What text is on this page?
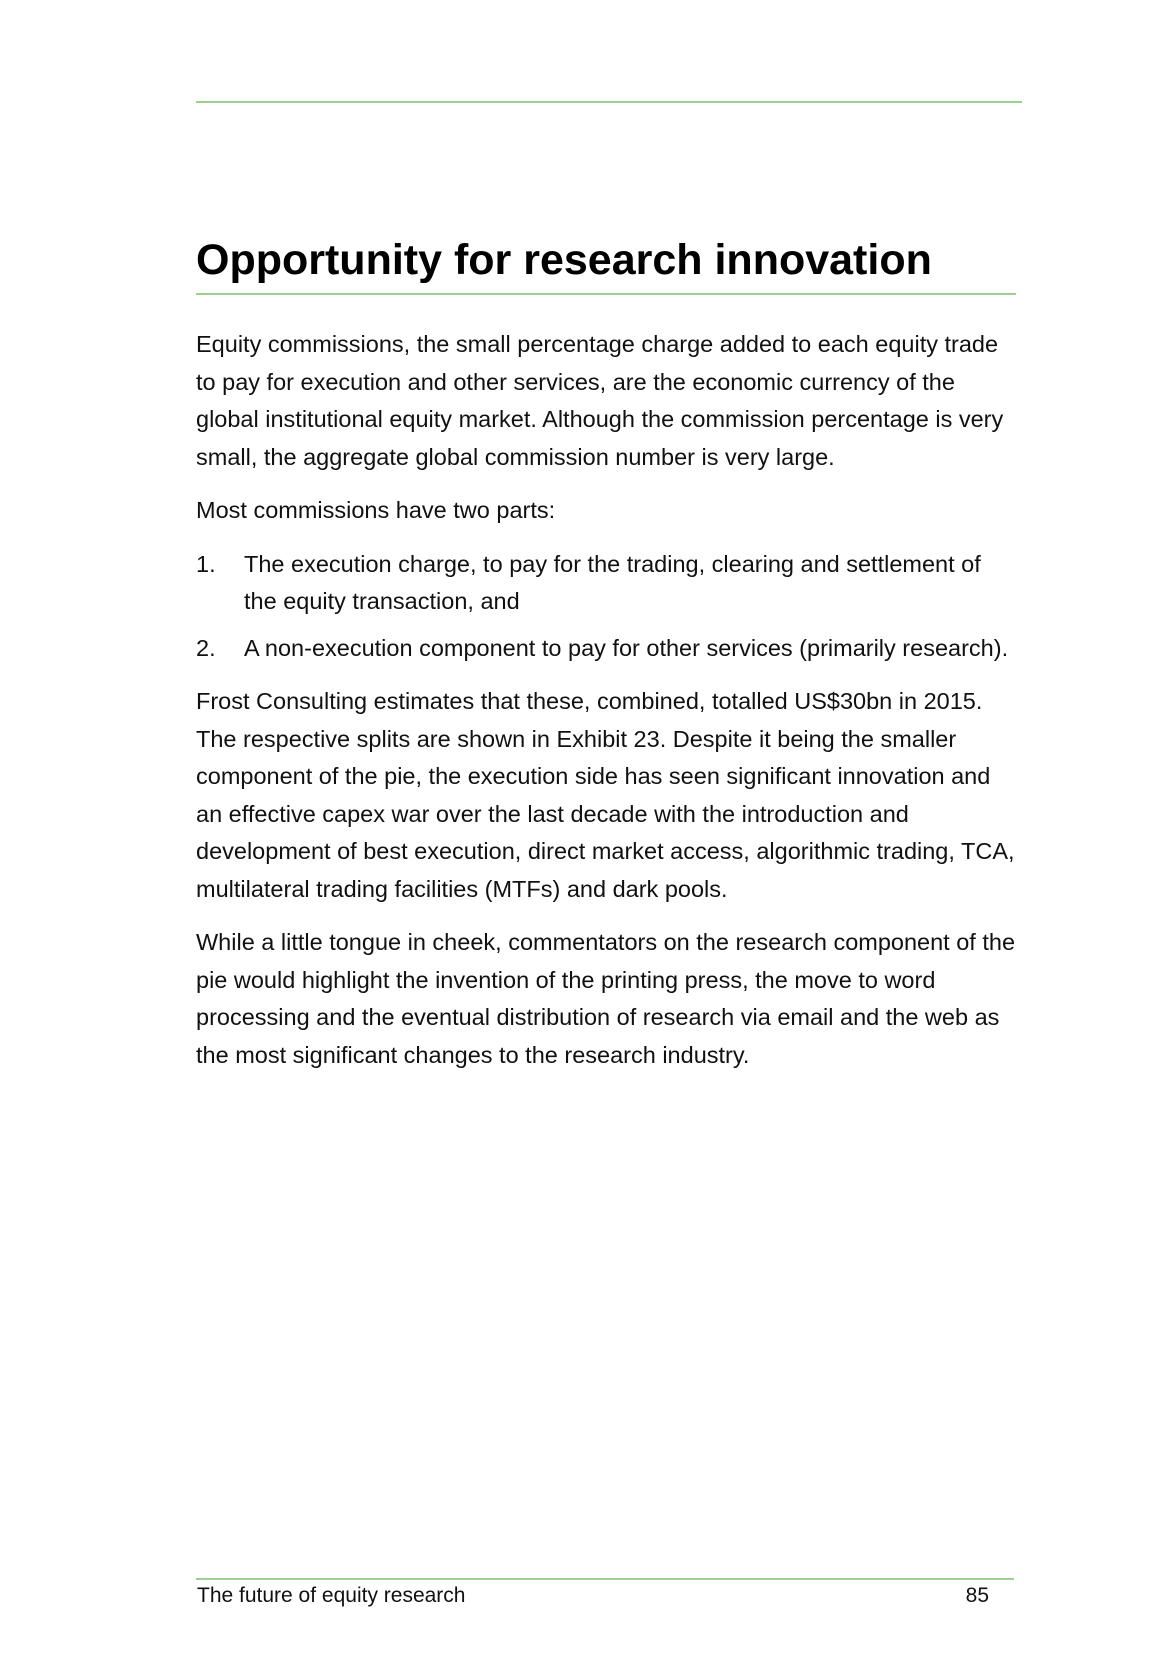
Opportunity for research innovation

Equity commissions, the small percentage charge added to each equity trade to pay for execution and other services, are the economic currency of the global institutional equity market. Although the commission percentage is very small, the aggregate global commission number is very large.

Most commissions have two parts:

1. The execution charge, to pay for the trading, clearing and settlement of the equity transaction, and
2. A non-execution component to pay for other services (primarily research).

Frost Consulting estimates that these, combined, totalled US$30bn in 2015. The respective splits are shown in Exhibit 23. Despite it being the smaller component of the pie, the execution side has seen significant innovation and an effective capex war over the last decade with the introduction and development of best execution, direct market access, algorithmic trading, TCA, multilateral trading facilities (MTFs) and dark pools.

While a little tongue in cheek, commentators on the research component of the pie would highlight the invention of the printing press, the move to word processing and the eventual distribution of research via email and the web as the most significant changes to the research industry.

The future of equity research	85
